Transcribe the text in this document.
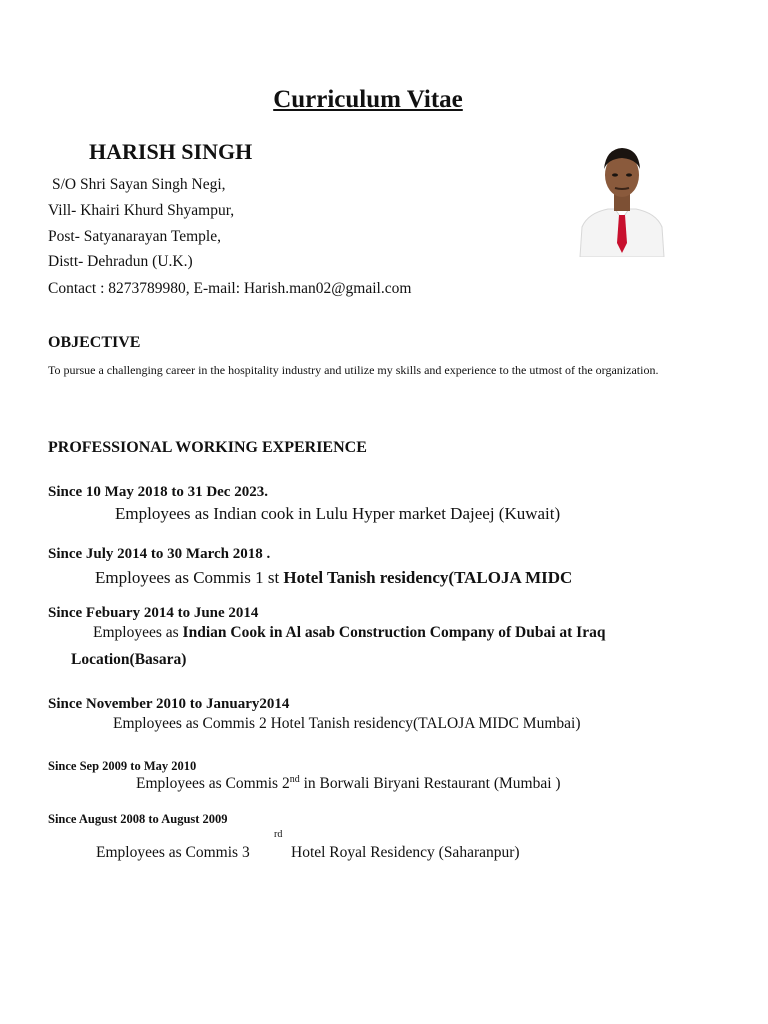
Curriculum Vitae
HARISH SINGH
S/O Shri Sayan Singh Negi,
Vill- Khairi Khurd Shyampur,
Post- Satyanarayan Temple,
Distt- Dehradun (U.K.)
Contact : 8273789980, E-mail: Harish.man02@gmail.com
OBJECTIVE
To pursue a challenging career in the hospitality industry and utilize my skills and experience to the utmost of the organization.
PROFESSIONAL WORKING EXPERIENCE
Since 10 May 2018 to 31 Dec 2023.
Employees as Indian cook in Lulu Hyper market Dajeej (Kuwait)
Since July 2014 to 30 March 2018 .
Employees as Commis 1 st Hotel Tanish residency(TALOJA MIDC
Since Febuary 2014 to June 2014
Employees as Indian Cook in Al asab Construction Company of Dubai at Iraq
Location(Basara)
Since November 2010 to January2014
Employees as Commis 2 Hotel Tanish residency(TALOJA MIDC Mumbai)
Since Sep 2009 to May 2010
Employees as Commis 2nd in Borwali Biryani Restaurant (Mumbai )
Since August 2008 to August 2009
rd
Employees as Commis 3	Hotel Royal Residency (Saharanpur)
